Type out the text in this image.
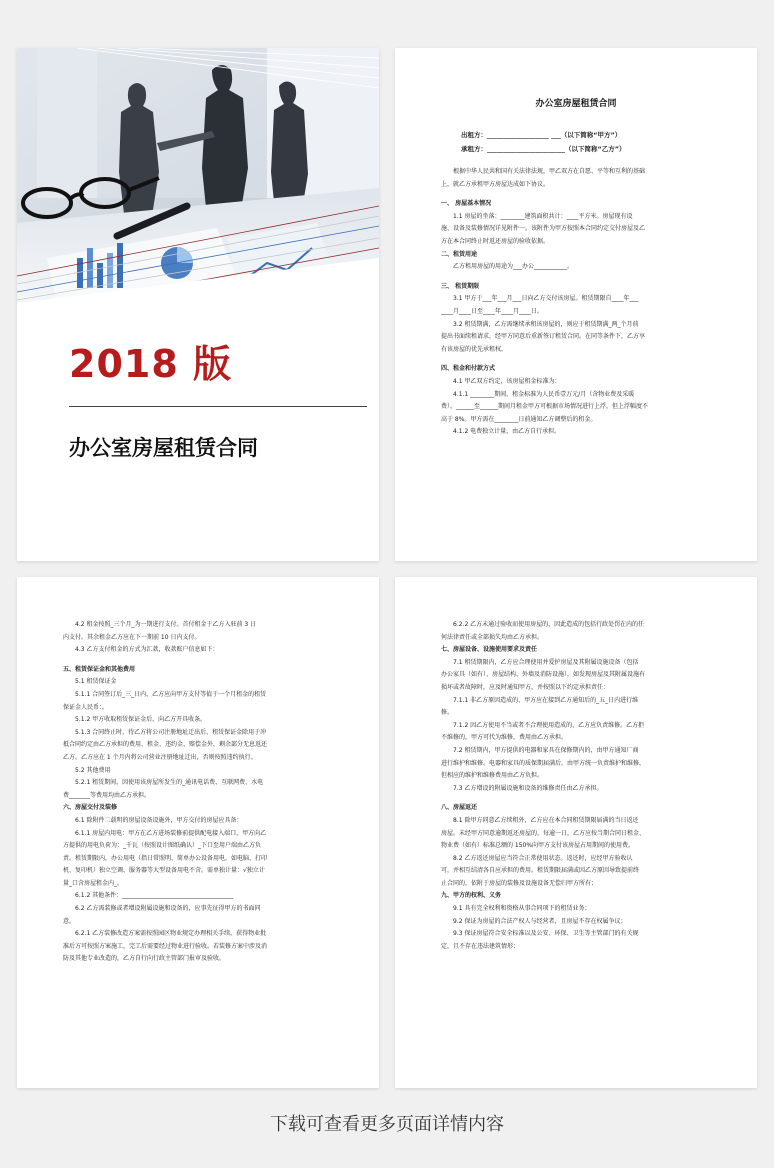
2018 版
办公室房屋租赁合同
办公室房屋租赁合同
出租方：___________________ ___（以下简称“甲方”）
承租方：________________________（以下简称“乙方”）
根据中华人民共和国有关法律法规，甲乙双方在自愿、平等和互利的基础
上，就乙方承租甲方房屋达成如下协议。
一、 房屋基本情况
1.1 房屋的坐落：________建筑面积共计：____平方米。房屋现有设
施、设备及装修情况详见附件一。该附件为甲方按照本合同约定交付房屋及乙
方在本合同终止时返还房屋的验收依据。
二、租赁用途
乙方租用房屋的用途为___办公___________。
三、 租赁期限
3.1 甲方于___年___月___日向乙方交付该房屋。租赁期限自____年___
____月____日至____年____月____日。
3.2 租赁期满，乙方需继续承租该房屋的，则应于租赁期满_两_个月前
提出书面续租请求，经甲方同意后重新签订租赁合同。在同等条件下，乙方享
有该房屋的优先承租权。
四、租金和付款方式
4.1 甲乙双方约定，该房屋租金标准为：
4.1.1 ________期间，租金标准为人民币壹万元/月（含物业费及采暖
费）。______至______期间月租金甲方可根据市场情况进行上浮，但上浮幅度不
高于 8%。甲方需在________日前通知乙方调整后的租金。
4.1.2 电费独立计量，由乙方自行承担。
4.2 租金按照_三个月_为一期进行支付。首付租金于乙方入驻前 3 日
内支付。其余租金乙方应在下一期前 10 日内支付。
4.3 乙方支付租金的方式为汇款，收款账户信息如下：
五、租赁保证金和其他费用
5.1 租赁保证金
5.1.1 合同签订后_三_日内，乙方应向甲方支付等值于一个月租金的租赁
保证金人民币：。
5.1.2 甲方收取租赁保证金后，向乙方开具收条。
5.1.3 合同终止时，待乙方将公司注册地址迁出后，租赁保证金除用于冲
抵合同约定由乙方承担的费用、租金、违约金、赔偿金外，剩余部分无息返还
乙方。乙方应在 1 个月内将公司营业注册地址迁出，否则按照违约执行。
5.2 其他费用
5.2.1 租赁期间，因使用该房屋所发生的_通讯电话费、互联网费、水电
费_______等费用均由乙方承担。
六、房屋交付及装修
6.1 除附件二载明的房屋设备设施外，甲方交付的房屋应具备：
6.1.1 房屋内用电：甲方在乙方进场装修前提供配电接入端口，甲方向乙
方提供的用电负荷为：_千瓦（按照设计图纸确认）_下口至用户端由乙方负
责。租赁期限内，办公用电（指日常照明、简单办公设备用电，如电脑、打印
机、复印机）独立空调、服务器等大型设备用电不含。需单独计量：√独立计
量_口含房屋租金内_。
6.1.2 其他条件：_____________________________________
6.2 乙方需装修或者增设附属设施和设备的，应事先征得甲方的书面同
意。
6.2.1 乙方装修改造方案需按照园区物业规定办理相关手续，获得物业批
准后方可按照方案施工，完工后需要经过物业进行验收。若装修方案中涉及消
防及其他专业改造的，乙方自行向行政主管部门报审及验收。
6.2.2 乙方未通过验收而使用房屋的，因此造成的包括行政处罚在内的任
何法律责任或全部损失均由乙方承担。
七、房屋设备、设施使用要求及责任
7.1 租赁期限内，乙方应合理使用并爱护房屋及其附属设施设备（包括
办公家具（如有）、房屋结构、外墙及消防设施），如发现房屋及其附属设施有
损坏或者故障时，应及时通知甲方，并按照以下约定承担责任：
7.1.1 非乙方原因造成的，甲方应在接到乙方通知后的_五_日内进行维
修。
7.1.2 因乙方使用不当或者不合理使用造成的，乙方应负责维修。乙方拒
不维修的，甲方可代为维修，费用由乙方承担。
7.2 租赁期内，甲方提供的电器和家具在保修期内的，由甲方通知厂商
进行维护和维修。电器和家具的质保期届满后，由甲方统一负责维护和维修，
但相应的维护和维修费用由乙方负担。
7.3 乙方增设的附属设施和设备的维修责任由乙方承担。
八、房屋返还
8.1 除甲方同意乙方续租外，乙方应在本合同租赁期限届满的当日返还
房屋。未经甲方同意逾期返还房屋的，每逾一日，乙方应按当期合同日租金、
物业费（如有）标准总额的 150%向甲方支付该房屋占用期间的使用费。
8.2 乙方返还房屋应当符合正常使用状态。返还时，应经甲方验收认
可，并相互结清各自应承担的费用。租赁期限届满或因乙方原因导致提前终
止合同的，依附于房屋的装修及设施设备无偿归甲方所有；
九、甲方的权利、义务
9.1 具有完全权利和资格从事合同项下的租赁业务；
9.2 保证为房屋的合法产权人与经营者，且房屋不存在权属争议；
9.3 保证房屋符合安全标准以及公安、环保、卫生等主管部门的有关规
定，且不存在违法建筑情形；
下载可查看更多页面详情内容
